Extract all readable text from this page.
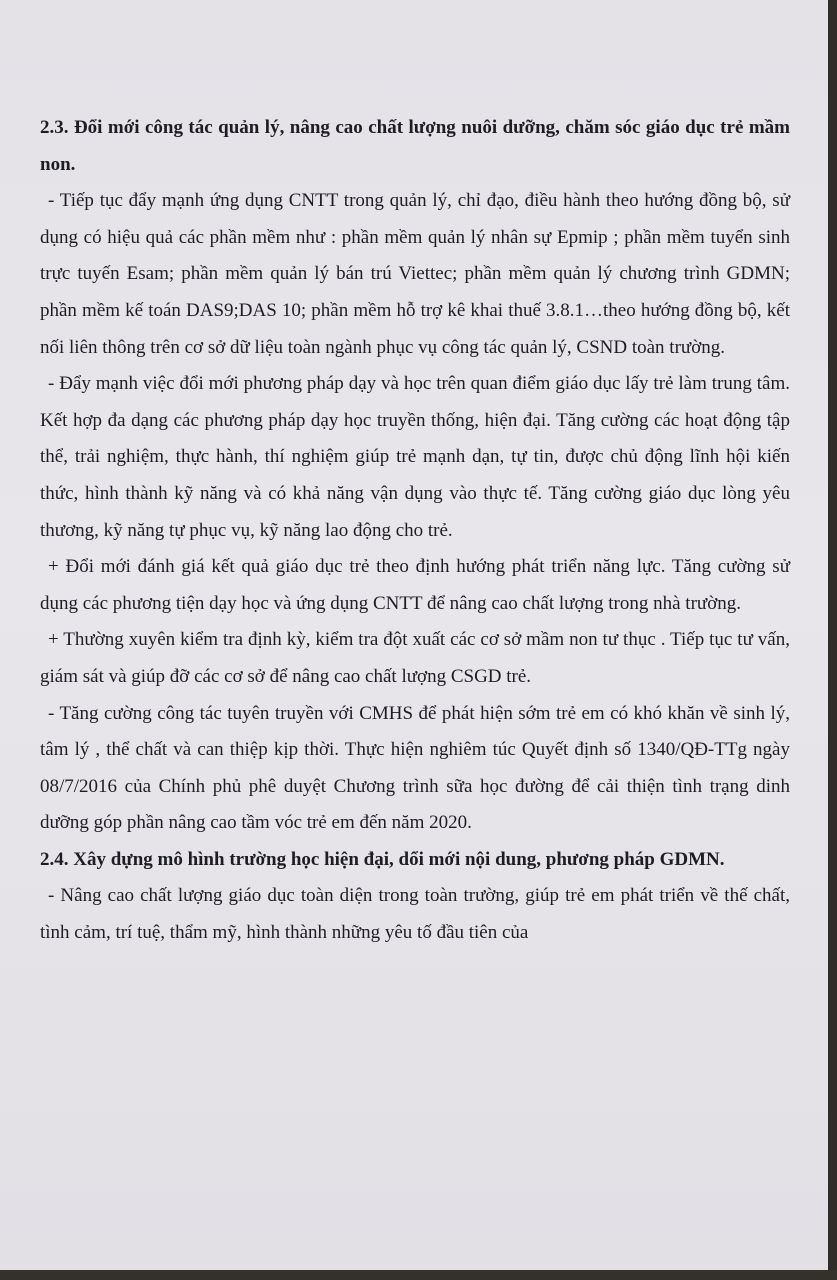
2.3. Đổi mới công tác quản lý, nâng cao chất lượng nuôi dưỡng, chăm sóc giáo dục trẻ mầm non.

- Tiếp tục đẩy mạnh ứng dụng CNTT trong quản lý, chỉ đạo, điều hành theo hướng đồng bộ, sử dụng có hiệu quả các phần mềm như : phần mềm quản lý nhân sự Epmip ; phần mềm tuyển sinh trực tuyến Esam; phần mềm quản lý bán trú Viettec; phần mềm quản lý chương trình GDMN; phần mềm kế toán DAS9;DAS 10; phần mềm hỗ trợ kê khai thuế 3.8.1…theo hướng đồng bộ, kết nối liên thông trên cơ sở dữ liệu toàn ngành phục vụ công tác quản lý, CSND toàn trường.

- Đẩy mạnh việc đổi mới phương pháp dạy và học trên quan điểm giáo dục lấy trẻ làm trung tâm. Kết hợp đa dạng các phương pháp dạy học truyền thống, hiện đại. Tăng cường các hoạt động tập thể, trải nghiệm, thực hành, thí nghiệm giúp trẻ mạnh dạn, tự tin, được chủ động lĩnh hội kiến thức, hình thành kỹ năng và có khả năng vận dụng vào thực tế. Tăng cường giáo dục lòng yêu thương, kỹ năng tự phục vụ, kỹ năng lao động cho trẻ.

+ Đổi mới đánh giá kết quả giáo dục trẻ theo định hướng phát triển năng lực. Tăng cường sử dụng các phương tiện dạy học và ứng dụng CNTT để nâng cao chất lượng trong nhà trường.

+ Thường xuyên kiểm tra định kỳ, kiểm tra đột xuất các cơ sở mầm non tư thục . Tiếp tục tư vấn, giám sát và giúp đỡ các cơ sở để nâng cao chất lượng CSGD trẻ.

- Tăng cường công tác tuyên truyền với CMHS để phát hiện sớm trẻ em có khó khăn về sinh lý, tâm lý , thể chất và can thiệp kịp thời. Thực hiện nghiêm túc Quyết định số 1340/QĐ-TTg ngày 08/7/2016 của Chính phủ phê duyệt Chương trình sữa học đường để cải thiện tình trạng dinh dưỡng góp phần nâng cao tầm vóc trẻ em đến năm 2020.

2.4. Xây dựng mô hình trường học hiện đại, dổi mới nội dung, phương pháp GDMN.

- Nâng cao chất lượng giáo dục toàn diện trong toàn trường, giúp trẻ em phát triển về thế chất, tình cảm, trí tuệ, thẩm mỹ, hình thành những yêu tố đầu tiên của
